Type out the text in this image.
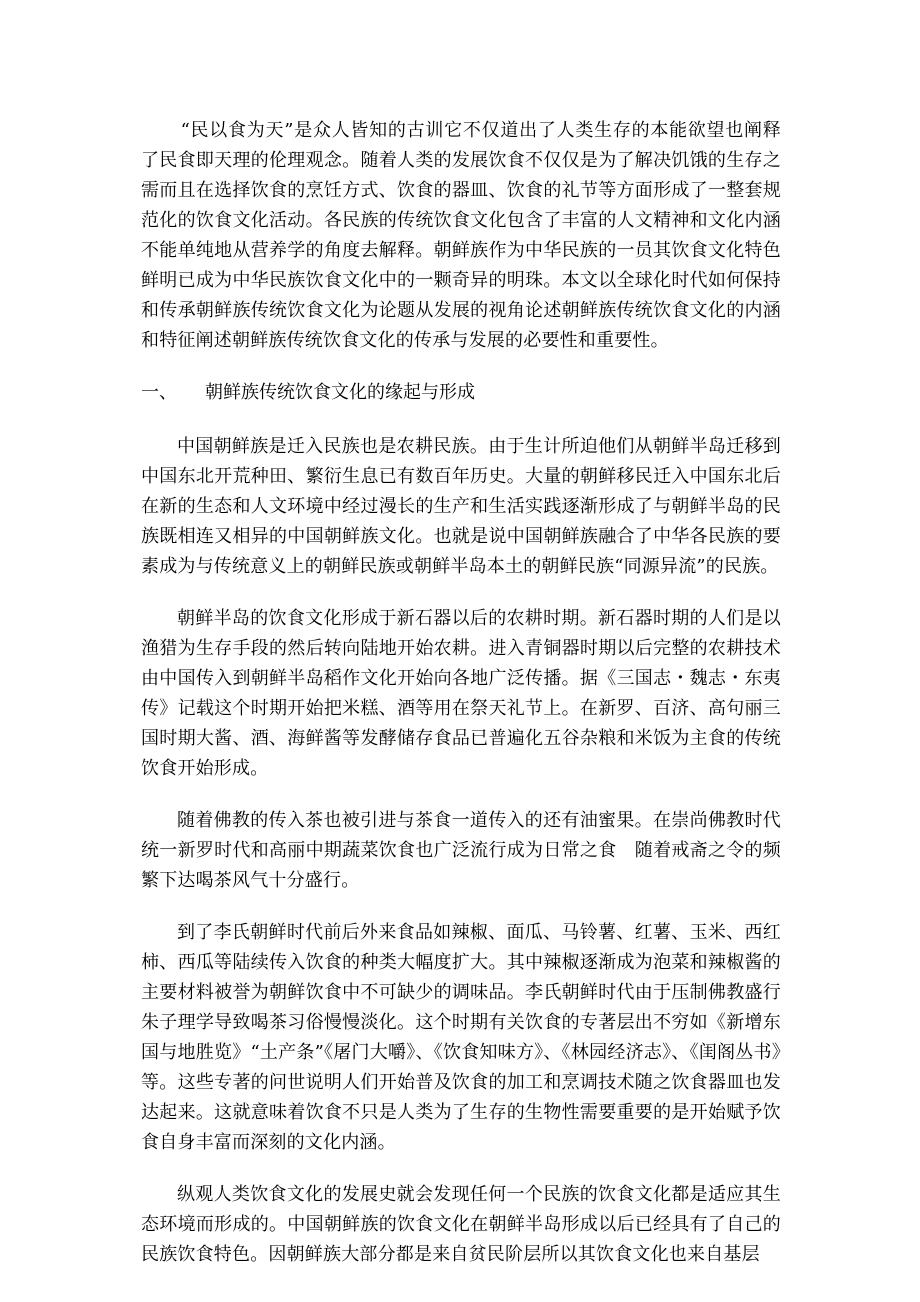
“民以食为天”是众人皆知的古训它不仅道出了人类生存的本能欲望也阐释了民食即天理的伦理观念。随着人类的发展饮食不仅仅是为了解决饥饿的生存之需而且在选择饮食的烹饪方式、饮食的器皿、饮食的礼节等方面形成了一整套规范化的饮食文化活动。各民族的传统饮食文化包含了丰富的人文精神和文化内涵不能单纯地从营养学的角度去解释。朝鲜族作为中华民族的一员其饮食文化特色鲜明已成为中华民族饮食文化中的一颗奇异的明珠。本文以全球化时代如何保持和传承朝鲜族传统饮食文化为论题从发展的视角论述朝鲜族传统饮食文化的内涵和特征阐述朝鲜族传统饮食文化的传承与发展的必要性和重要性。

一、	朝鲜族传统饮食文化的缘起与形成

中国朝鲜族是迁入民族也是农耕民族。由于生计所迫他们从朝鲜半岛迁移到中国东北开荒种田、繁衍生息已有数百年历史。大量的朝鲜移民迁入中国东北后在新的生态和人文环境中经过漫长的生产和生活实践逐渐形成了与朝鲜半岛的民族既相连又相异的中国朝鲜族文化。也就是说中国朝鲜族融合了中华各民族的要素成为与传统意义上的朝鲜民族或朝鲜半岛本土的朝鲜民族“同源异流”的民族。

朝鲜半岛的饮食文化形成于新石器以后的农耕时期。新石器时期的人们是以渔猎为生存手段的然后转向陆地开始农耕。进入青铜器时期以后完整的农耕技术由中国传入到朝鲜半岛稻作文化开始向各地广泛传播。据《三国志・魏志・东夷传》记载这个时期开始把米糕、酒等用在祭天礼节上。在新罗、百济、高句丽三国时期大酱、酒、海鲜酱等发酵储存食品已普遍化五谷杂粮和米饭为主食的传统饮食开始形成。

随着佛教的传入茶也被引进与茶食一道传入的还有油蜜果。在崇尚佛教时代统一新罗时代和高丽中期蔬菜饮食也广泛流行成为日常之食　随着戒斋之令的频繁下达喝茶风气十分盛行。

到了李氏朝鲜时代前后外来食品如辣椒、面瓜、马铃薯、红薯、玉米、西红柿、西瓜等陆续传入饮食的种类大幅度扩大。其中辣椒逐渐成为泡菜和辣椒酱的主要材料被誉为朝鲜饮食中不可缺少的调味品。李氏朝鲜时代由于压制佛教盛行朱子理学导致喝茶习俗慢慢淡化。这个时期有关饮食的专著层出不穷如《新增东国与地胜览》“土产条”《屠门大嚼》、《饮食知味方》、《林园经济志》、《闺阁丛书》等。这些专著的问世说明人们开始普及饮食的加工和烹调技术随之饮食器皿也发达起来。这就意味着饮食不只是人类为了生存的生物性需要重要的是开始赋予饮食自身丰富而深刻的文化内涵。

纵观人类饮食文化的发展史就会发现任何一个民族的饮食文化都是适应其生态环境而形成的。中国朝鲜族的饮食文化在朝鲜半岛形成以后已经具有了自己的民族饮食特色。因朝鲜族大部分都是来自贫民阶层所以其饮食文化也来自基层
